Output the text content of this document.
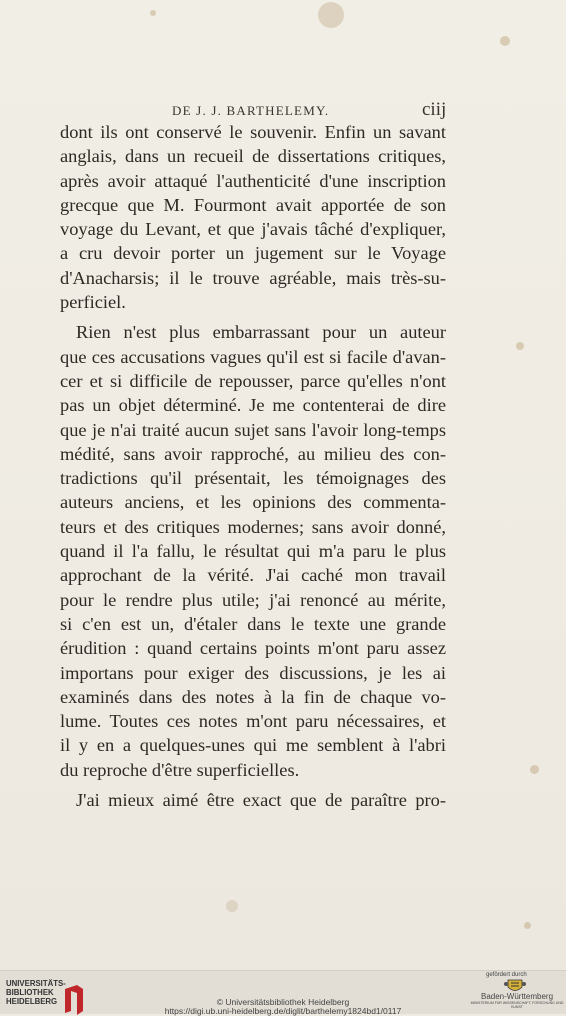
DE J. J. BARTHELEMY.	ciij
dont ils ont conservé le souvenir. Enfin un savant
anglais, dans un recueil de dissertations critiques,
après avoir attaqué l'authenticité d'une inscription
grecque que M. Fourmont avait apportée de son
voyage du Levant, et que j'avais tâché d'expliquer,
a cru devoir porter un jugement sur le Voyage
d'Anacharsis; il le trouve agréable, mais très-su-
perficiel.
Rien n'est plus embarrassant pour un auteur
que ces accusations vagues qu'il est si facile d'avan-
cer et si difficile de repousser, parce qu'elles n'ont
pas un objet déterminé. Je me contenterai de dire
que je n'ai traité aucun sujet sans l'avoir long-temps
médité, sans avoir rapproché, au milieu des con-
tradictions qu'il présentait, les témoignages des
auteurs anciens, et les opinions des commenta-
teurs et des critiques modernes; sans avoir donné,
quand il l'a fallu, le résultat qui m'a paru le plus
approchant de la vérité. J'ai caché mon travail
pour le rendre plus utile; j'ai renoncé au mérite,
si c'en est un, d'étaler dans le texte une grande
érudition : quand certains points m'ont paru assez
importans pour exiger des discussions, je les ai
examinés dans des notes à la fin de chaque vo-
lume. Toutes ces notes m'ont paru nécessaires, et
il y en a quelques-unes qui me semblent à l'abri
du reproche d'être superficielles.
J'ai mieux aimé être exact que de paraître pro-
UNIVERSITÄTS-
BIBLIOTHEK
HEIDELBERG	© Universitätsbibliothek Heidelberg
https://digi.ub.uni-heidelberg.de/diglit/barthelemy1824bd1/0117
gefördert durch
Baden-Württemberg
MINISTERIUM FÜR WISSENSCHAFT, FORSCHUNG UND KUNST
